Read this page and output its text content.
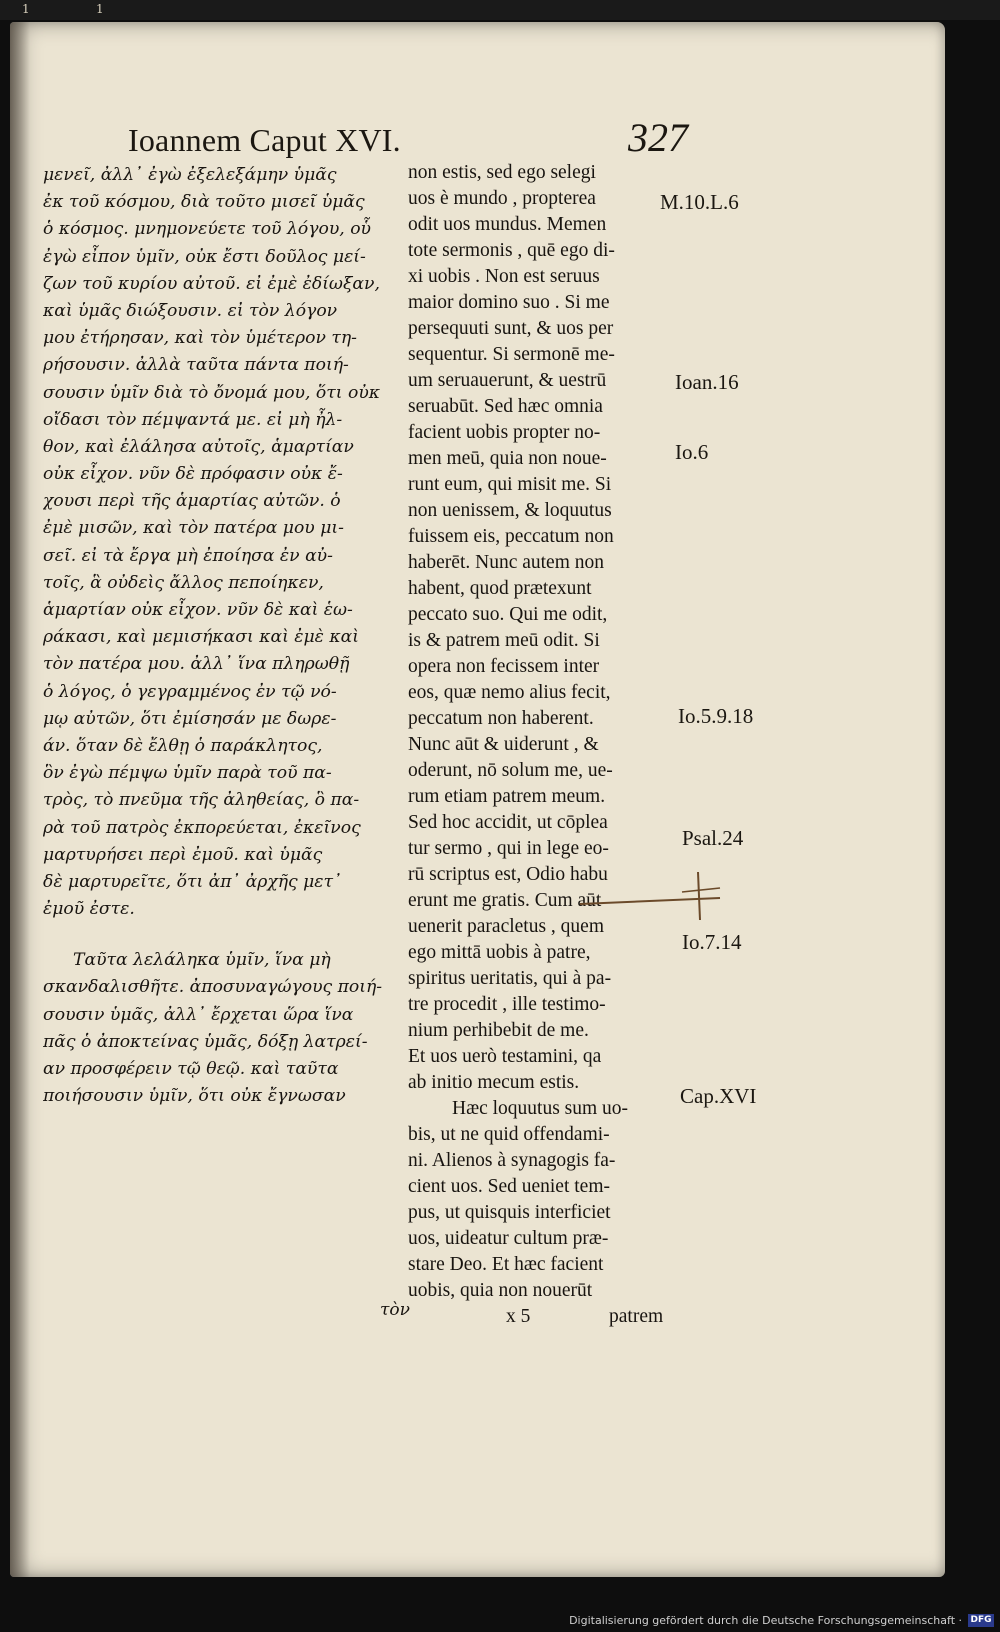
1	1
Ioannem Caput XVI.	327
μενεῖ, ἀλλ᾽ ἐγὼ ἐξελεξάμην ὑμᾶς
ἐκ τοῦ κόσμου, διὰ τοῦτο μισεῖ ὑμᾶς
ὁ κόσμος. μνημονεύετε τοῦ λόγου, οὗ
ἐγὼ εἶπον ὑμῖν, οὐκ ἔστι δοῦλος μεί-
ζων τοῦ κυρίου αὐτοῦ. εἰ ἐμὲ ἐδίωξαν,
καὶ ὑμᾶς διώξουσιν. εἰ τὸν λόγον
μου ἐτήρησαν, καὶ τὸν ὑμέτερον τη-
ρήσουσιν. ἀλλὰ ταῦτα πάντα ποιή-
σουσιν ὑμῖν διὰ τὸ ὄνομά μου, ὅτι οὐκ
οἴδασι τὸν πέμψαντά με. εἰ μὴ ἦλ-
θον, καὶ ἐλάλησα αὐτοῖς, ἁμαρτίαν
οὐκ εἶχον. νῦν δὲ πρόφασιν οὐκ ἔ-
χουσι περὶ τῆς ἁμαρτίας αὐτῶν. ὁ
ἐμὲ μισῶν, καὶ τὸν πατέρα μου μι-
σεῖ. εἰ τὰ ἔργα μὴ ἐποίησα ἐν αὐ-
τοῖς, ἃ οὐδεὶς ἄλλος πεποίηκεν,
ἁμαρτίαν οὐκ εἶχον. νῦν δὲ καὶ ἑω-
ράκασι, καὶ μεμισήκασι καὶ ἐμὲ καὶ
τὸν πατέρα μου. ἀλλ᾽ ἵνα πληρωθῇ
ὁ λόγος, ὁ γεγραμμένος ἐν τῷ νό-
μῳ αὐτῶν, ὅτι ἐμίσησάν με δωρε-
άν. ὅταν δὲ ἔλθῃ ὁ παράκλητος,
ὃν ἐγὼ πέμψω ὑμῖν παρὰ τοῦ πα-
τρὸς, τὸ πνεῦμα τῆς ἀληθείας, ὃ πα-
ρὰ τοῦ πατρὸς ἐκπορεύεται, ἐκεῖνος
μαρτυρήσει περὶ ἐμοῦ. καὶ ὑμᾶς
δὲ μαρτυρεῖτε, ὅτι ἀπ᾽ ἀρχῆς μετ᾽
ἐμοῦ ἐστε.
Ταῦτα λελάληκα ὑμῖν, ἵνα μὴ
σκανδαλισθῆτε. ἀποσυναγώγους ποιή-
σουσιν ὑμᾶς, ἀλλ᾽ ἔρχεται ὥρα ἵνα
πᾶς ὁ ἀποκτείνας ὑμᾶς, δόξῃ λατρεί-
αν προσφέρειν τῷ θεῷ. καὶ ταῦτα
ποιήσουσιν ὑμῖν, ὅτι οὐκ ἔγνωσαν
τὸν
non estis, sed ego selegi
uos è mundo , propterea
odit uos mundus. Memen
tote sermonis , quē ego di-
xi uobis . Non est seruus
maior domino suo . Si me
persequuti sunt, & uos per
sequentur. Si sermonē me-
um seruauerunt, & uestrū
seruabūt. Sed hæc omnia
facient uobis propter no-
men meū, quia non noue-
runt eum, qui misit me. Si
non uenissem, & loquutus
fuissem eis, peccatum non
haberēt. Nunc autem non
habent, quod prætexunt
peccato suo. Qui me odit,
is & patrem meū odit. Si
opera non fecissem inter
eos, quæ nemo alius fecit,
peccatum non haberent.
Nunc aūt & uiderunt , &
oderunt, nō solum me, ue-
rum etiam patrem meum.
Sed hoc accidit, ut cōplea
tur sermo , qui in lege eo-
rū scriptus est, Odio habu
erunt me gratis. Cum aūt
uenerit paracletus , quem
ego mittā uobis à patre,
spiritus ueritatis, qui à pa-
tre procedit , ille testimo-
nium perhibebit de me.
Et uos uerò testamini, qa
ab initio mecum estis.
Hæc loquutus sum uo-
bis, ut ne quid offendami-
ni. Alienos à synagogis fa-
cient uos. Sed ueniet tem-
pus, ut quisquis interficiet
uos, uideatur cultum præ-
stare Deo. Et hæc facient
uobis, quia non nouerūt
x 5	patrem
M.10.L.6
Ioan.16
Io.6
Io.5.9.18
Psal.24
Io.7.14
Cap.XVI
Digitalisierung gefördert durch die Deutsche Forschungsgemeinschaft · DFG
